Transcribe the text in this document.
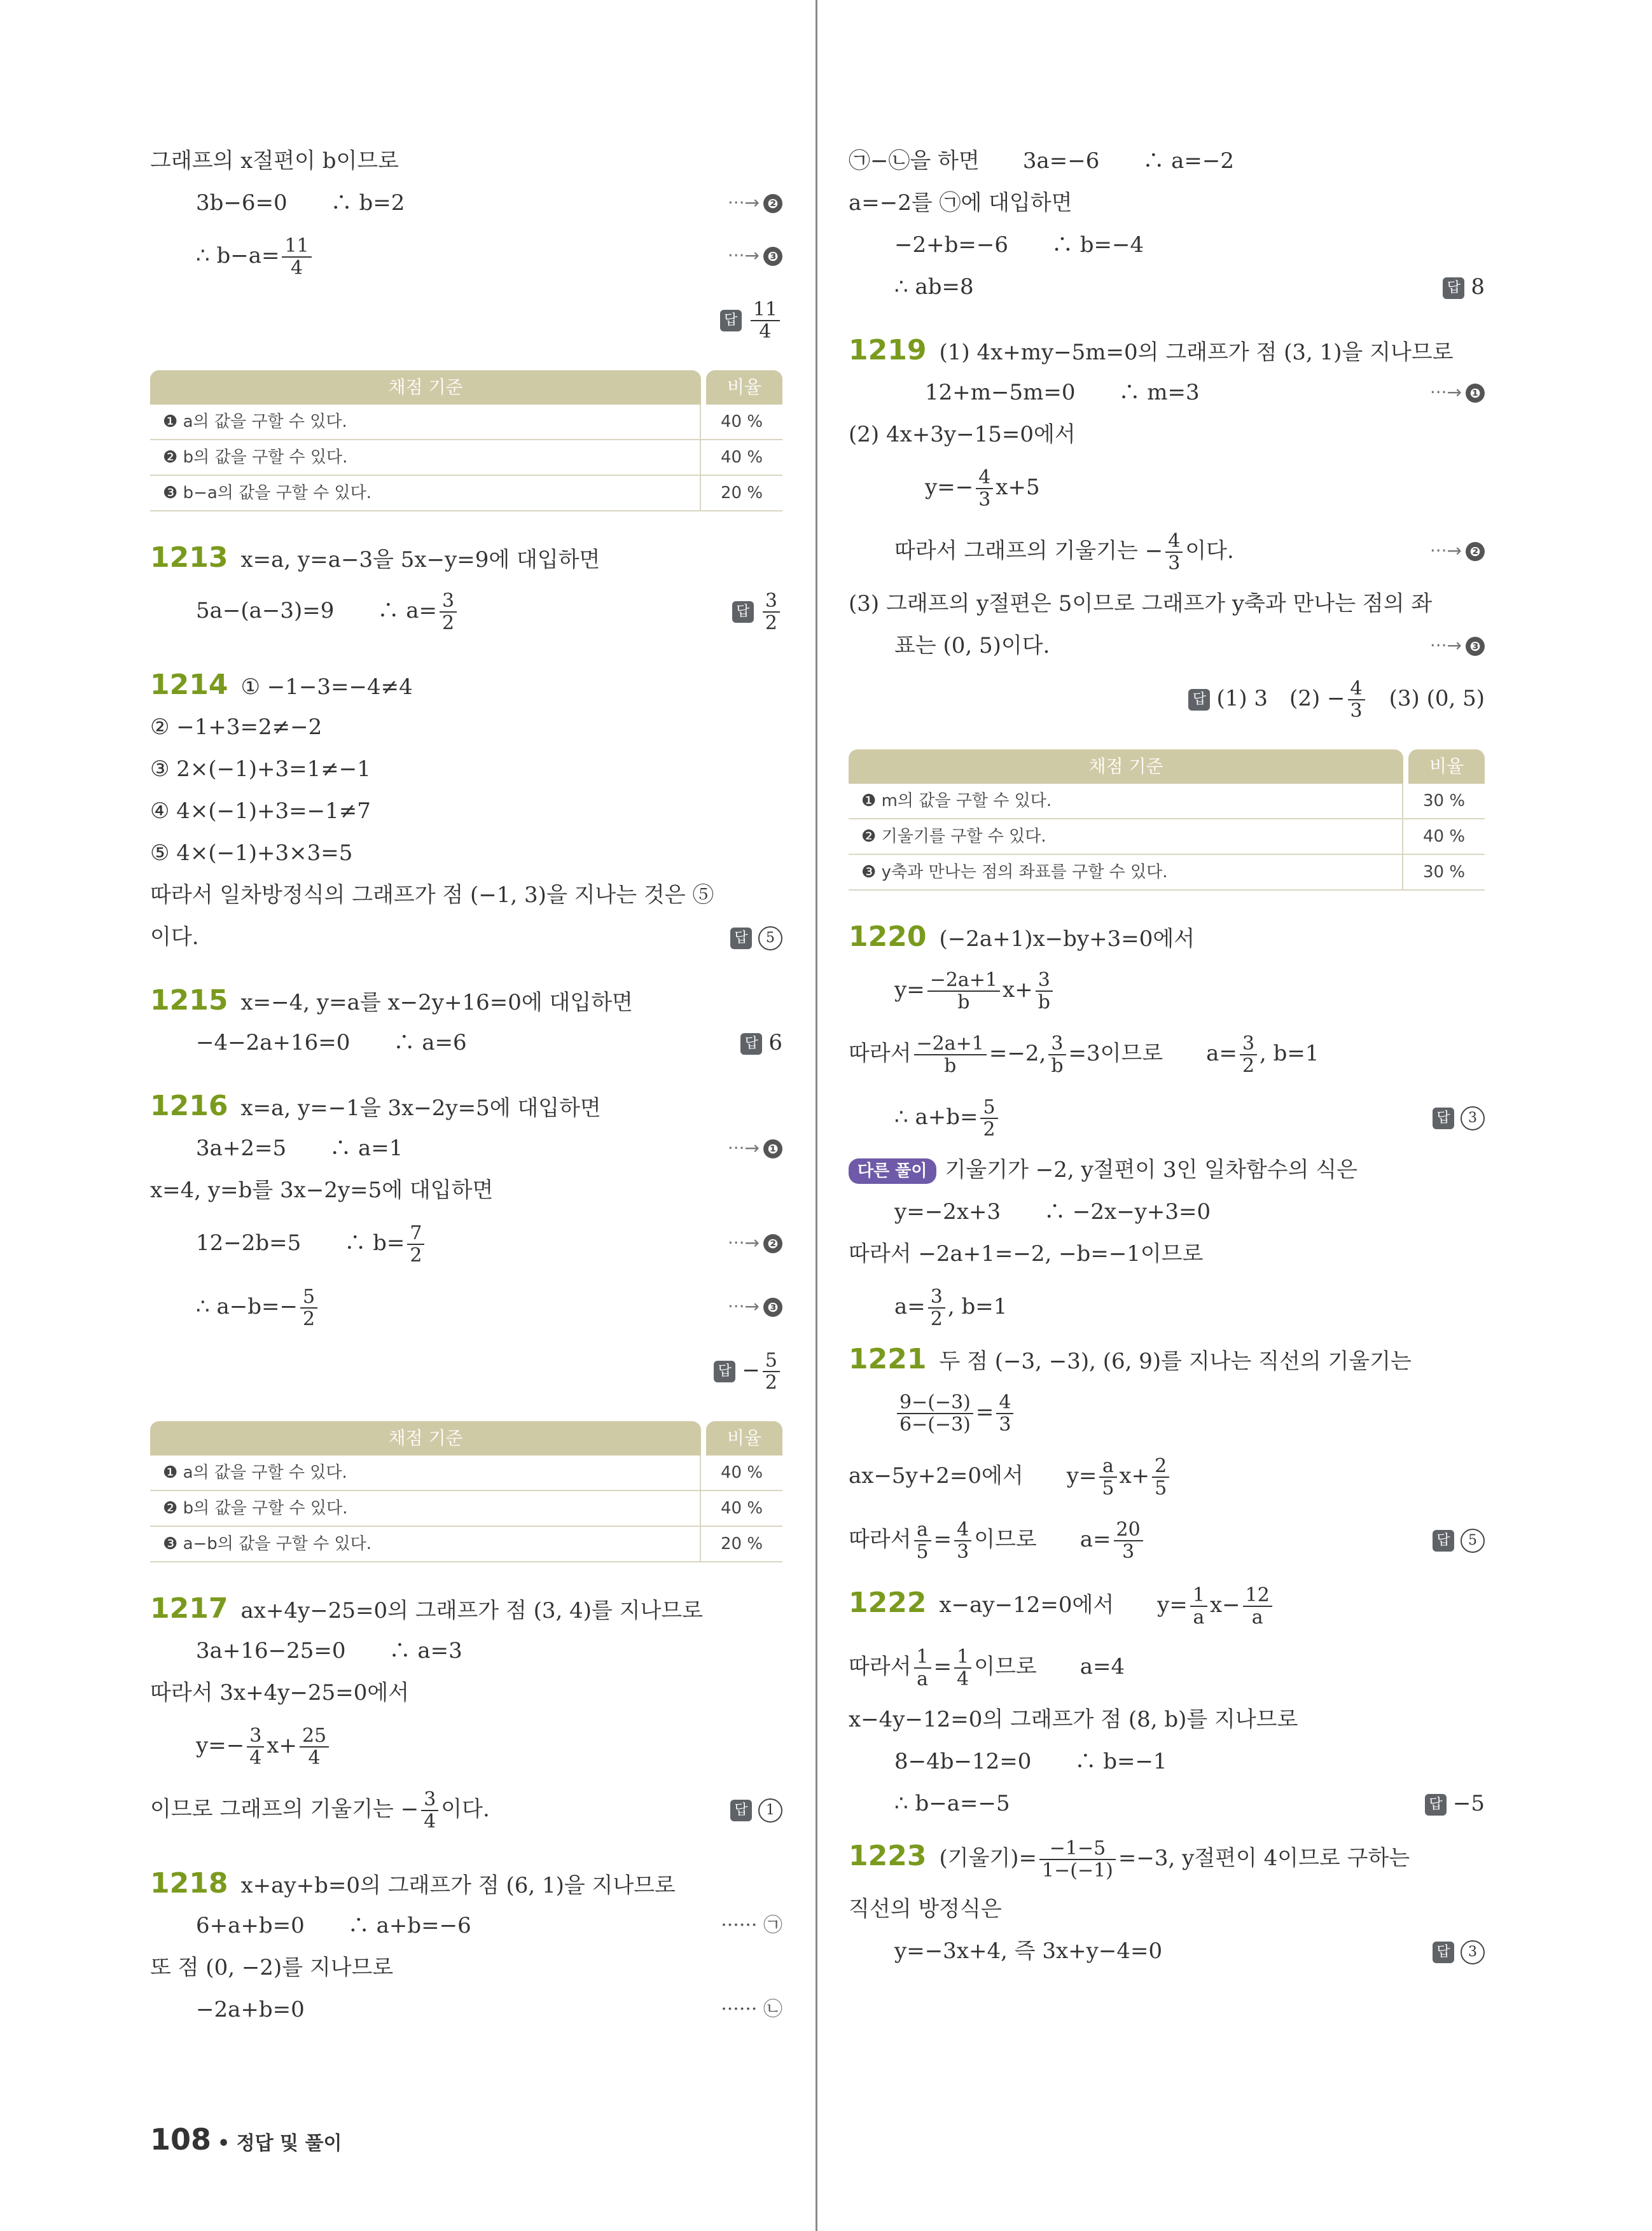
그래프의 x절편이 b이므로
3b−6=0　　∴ b=2	···→ ❷
∴ $b-a= \frac{11}{4}$	···→ ❸
답 $\frac{11}{4}$
채점 기준	비율
❶ a의 값을 구할 수 있다.	40 %
❷ b의 값을 구할 수 있다.	40 %
❸ b−a의 값을 구할 수 있다.	20 %
1213 x=a, y=a−3을 5x−y=9에 대입하면
5a−(a−3)=9　　∴ $a= \frac{3}{2}$	답 $\frac{3}{2}$
1214 ① −1−3=−4≠4
② −1+3=2≠−2
③ 2×(−1)+3=1≠−1
④ 4×(−1)+3=−1≠7
⑤ 4×(−1)+3×3=5
따라서 일차방정식의 그래프가 점 (−1, 3)을 지나는 것은 ⑤
이다.	답 5
1215 x=−4, y=a를 x−2y+16=0에 대입하면
−4−2a+16=0　　∴ a=6	답 6
1216 x=a, y=−1을 3x−2y=5에 대입하면
3a+2=5　　∴ a=1	···→ ❶
x=4, y=b를 3x−2y=5에 대입하면
12−2b=5　　∴ $b= \frac{7}{2}$	···→ ❷
∴ $a-b=- \frac{5}{2}$	···→ ❸
답 − $\frac{5}{2}$
채점 기준	비율
❶ a의 값을 구할 수 있다.	40 %
❷ b의 값을 구할 수 있다.	40 %
❸ a−b의 값을 구할 수 있다.	20 %
1217 ax+4y−25=0의 그래프가 점 (3, 4)를 지나므로
3a+16−25=0　　∴ a=3
따라서 3x+4y−25=0에서
$y=- \frac{3}{4} x+ \frac{25}{4}$
이므로 그래프의 기울기는 − $\frac{3}{4}$ 이다.	답 1
1218 x+ay+b=0의 그래프가 점 (6, 1)을 지나므로
6+a+b=0　　∴ a+b=−6	······ ㉠
또 점 (0, −2)를 지나므로
−2a+b=0	······ ㉡
㉠−㉡을 하면　　3a=−6　　∴ a=−2
a=−2를 ㉠에 대입하면
−2+b=−6　　∴ b=−4
∴ ab=8	답 8
1219 (1) 4x+my−5m=0의 그래프가 점 (3, 1)을 지나므로
12+m−5m=0　　∴ m=3	···→ ❶
(2) 4x+3y−15=0에서
$y=- \frac{4}{3} x+5$
따라서 그래프의 기울기는 − $\frac{4}{3}$ 이다.	···→ ❷
(3) 그래프의 y절편은 5이므로 그래프가 y축과 만나는 점의 좌
표는 (0, 5)이다.	···→ ❸
답 (1) 3　$(2) - \frac{4}{3}$ 　(3) (0, 5)
채점 기준	비율
❶ m의 값을 구할 수 있다.	30 %
❷ 기울기를 구할 수 있다.	40 %
❸ y축과 만나는 점의 좌표를 구할 수 있다.	30 %
1220 (−2a+1)x−by+3=0에서
$y= \frac{-2a+1}{b} x+ \frac{3}{b}$
따라서 $\frac{-2a+1}{b} =-2$, $\frac{3}{b} =3$이므로　　$a= \frac{3}{2}$ , b=1
∴ $a+b= \frac{5}{2}$	답 3
다른 풀이 기울기가 −2, y절편이 3인 일차함수의 식은
y=−2x+3　　∴ −2x−y+3=0
따라서 −2a+1=−2, −b=−1이므로
$a= \frac{3}{2}$ , b=1
1221 두 점 (−3, −3), (6, 9)를 지나는 직선의 기울기는
$\frac{9-(-3)}{6-(-3)} = \frac{4}{3}$
ax−5y+2=0에서　　$y= \frac{a}{5} x+ \frac{2}{5}$
따라서 $\frac{a}{5} = \frac{4}{3}$ 이므로　　$a= \frac{20}{3}$	답 5
1222 x−ay−12=0에서　　$y= \frac{1}{a} x- \frac{12}{a}$
따라서 $\frac{1}{a} = \frac{1}{4}$ 이므로　　a=4
x−4y−12=0의 그래프가 점 (8, b)를 지나므로
8−4b−12=0　　∴ b=−1
∴ b−a=−5	답 −5
1223 (기울기)= $\frac{-1-5}{1-(-1)} =-3$, y절편이 4이므로 구하는
직선의 방정식은
y=−3x+4, 즉 3x+y−4=0	답 3
108 • 정답 및 풀이
